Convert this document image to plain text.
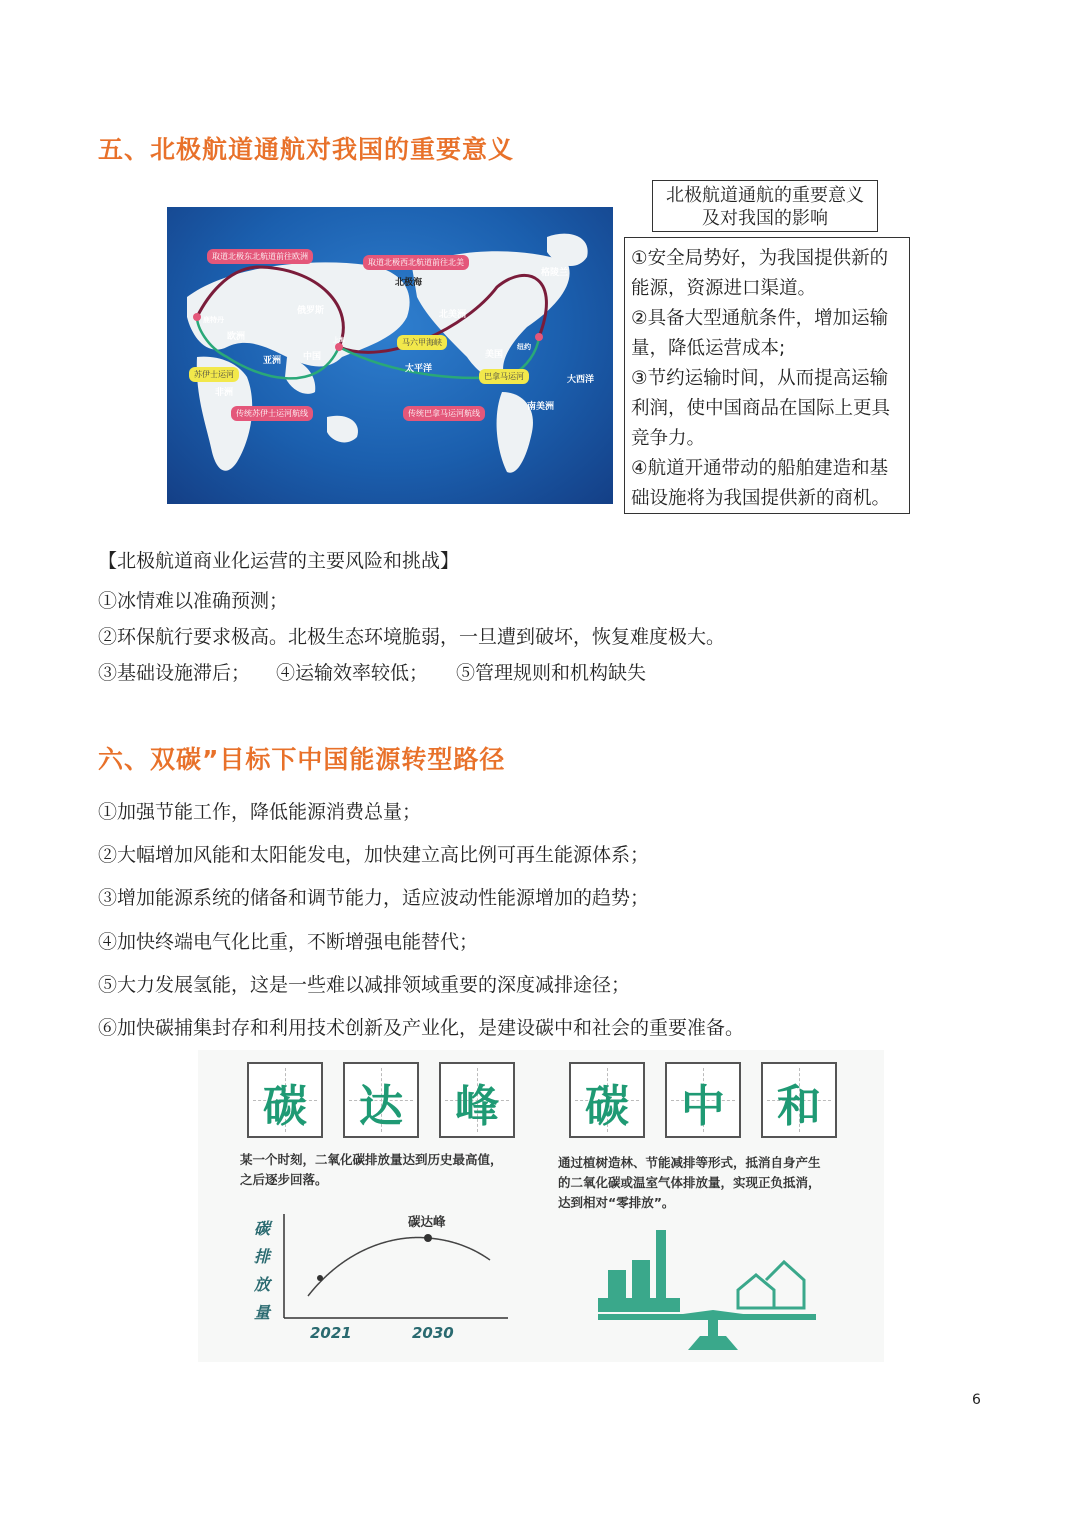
五、北极航道通航对我国的重要意义
取道北极东北航道前往欧洲
取道北极西北航道前往北美
传统苏伊士运河航线	传统巴拿马运河航线
苏伊士运河
马六甲海峡
巴拿马运河
北极海
格陵兰
俄罗斯
欧洲
鹿特丹
亚洲 中国
上海
非洲
太平洋
北美洲
美国
纽约
大西洋
南美洲
北极航道通航的重要意义
及对我国的影响
①安全局势好，为我国提供新的
能源，资源进口渠道。
②具备大型通航条件，增加运输
量，降低运营成本;
③节约运输时间，从而提高运输
利润，使中国商品在国际上更具
竞争力。
④航道开通带动的船舶建造和基
础设施将为我国提供新的商机。
【北极航道商业化运营的主要风险和挑战】
①冰情难以准确预测；
②环保航行要求极高。北极生态环境脆弱，一旦遭到破坏，恢复难度极大。
③基础设施滞后； ④运输效率较低； ⑤管理规则和机构缺失
六、双碳”目标下中国能源转型路径
①加强节能工作，降低能源消费总量；
②大幅增加风能和太阳能发电，加快建立高比例可再生能源体系；
③增加能源系统的储备和调节能力，适应波动性能源增加的趋势；
④加快终端电气化比重，不断增强电能替代；
⑤大力发展氢能，这是一些难以减排领域重要的深度减排途径；
⑥加快碳捕集封存和利用技术创新及产业化，是建设碳中和社会的重要准备。
碳	达	峰	碳	中	和
某一个时刻，二氧化碳排放量达到历史最高值，
之后逐步回落。
通过植树造林、节能减排等形式，抵消自身产生
的二氧化碳或温室气体排放量，实现正负抵消，
达到相对“零排放”。
碳
排
放
量
碳达峰
2021	2030
6
